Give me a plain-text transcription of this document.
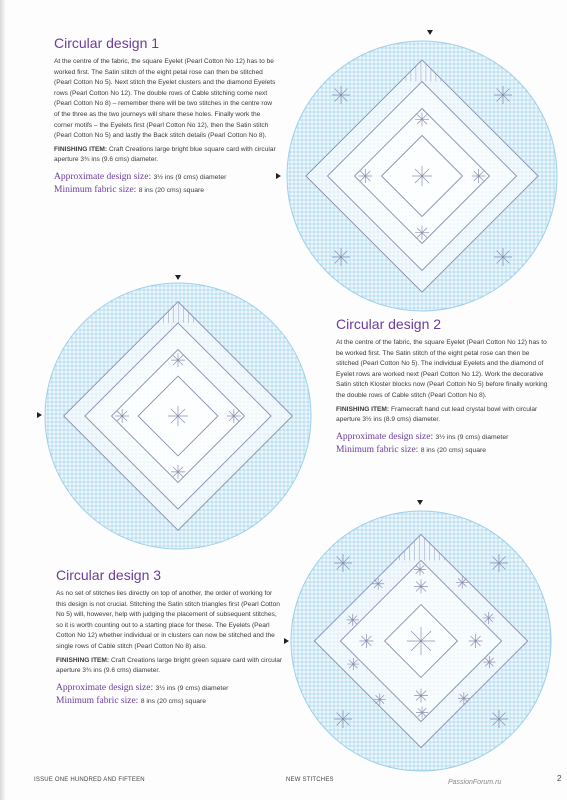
Circular design 1

At the centre of the fabric, the square Eyelet (Pearl Cotton No 12) has to be worked first. The Satin stitch of the eight petal rose can then be stitched (Pearl Cotton No 5). Next stitch the Eyelet clusters and the diamond Eyelets rows (Pearl Cotton No 12). The double rows of Cable stitching come next (Pearl Cotton No 8) – remember there will be two stitches in the centre row of the three as the two journeys will share these holes. Finally work the corner motifs – the Eyelets first (Pearl Cotton No 12), then the Satin stitch (Pearl Cotton No 5) and lastly the Back stitch details (Pearl Cotton No 8).

FINISHING ITEM: Craft Creations large bright blue square card with circular aperture 3¾ ins (9.6 cms) diameter.

Approximate design size: 3½ ins (9 cms) diameter

Minimum fabric size: 8 ins (20 cms) square

Circular design 2

At the centre of the fabric, the square Eyelet (Pearl Cotton No 12) has to be worked first. The Satin stitch of the eight petal rose can then be stitched (Pearl Cotton No 5). The individual Eyelets and the diamond of Eyelet rows are worked next (Pearl Cotton No 12). Work the decorative Satin stitch Kloster blocks now (Pearl Cotton No 5) before finally working the double rows of Cable stitch (Pearl Cotton No 8).

FINISHING ITEM: Framecraft hand cut lead crystal bowl with circular aperture 3½ ins (8.9 cms) diameter.

Approximate design size: 3½ ins (9 cms) diameter

Minimum fabric size: 8 ins (20 cms) square

Circular design 3

As no set of stitches lies directly on top of another, the order of working for this design is not crucial. Stitching the Satin stitch triangles first (Pearl Cotton No 5) will, however, help with judging the placement of subsequent stitches, so it is worth counting out to a starting place for these. The Eyelets (Pearl Cotton No 12) whether individual or in clusters can now be stitched and the single rows of Cable stitch (Pearl Cotton No 8) also.

FINISHING ITEM: Craft Creations large bright green square card with circular aperture 3¾ ins (9.6 cms) diameter.

Approximate design size: 3½ ins (9 cms) diameter

Minimum fabric size: 8 ins (20 cms) square

ISSUE ONE HUNDRED AND FIFTEEN	NEW STITCHES	PassionForum.ru	2
